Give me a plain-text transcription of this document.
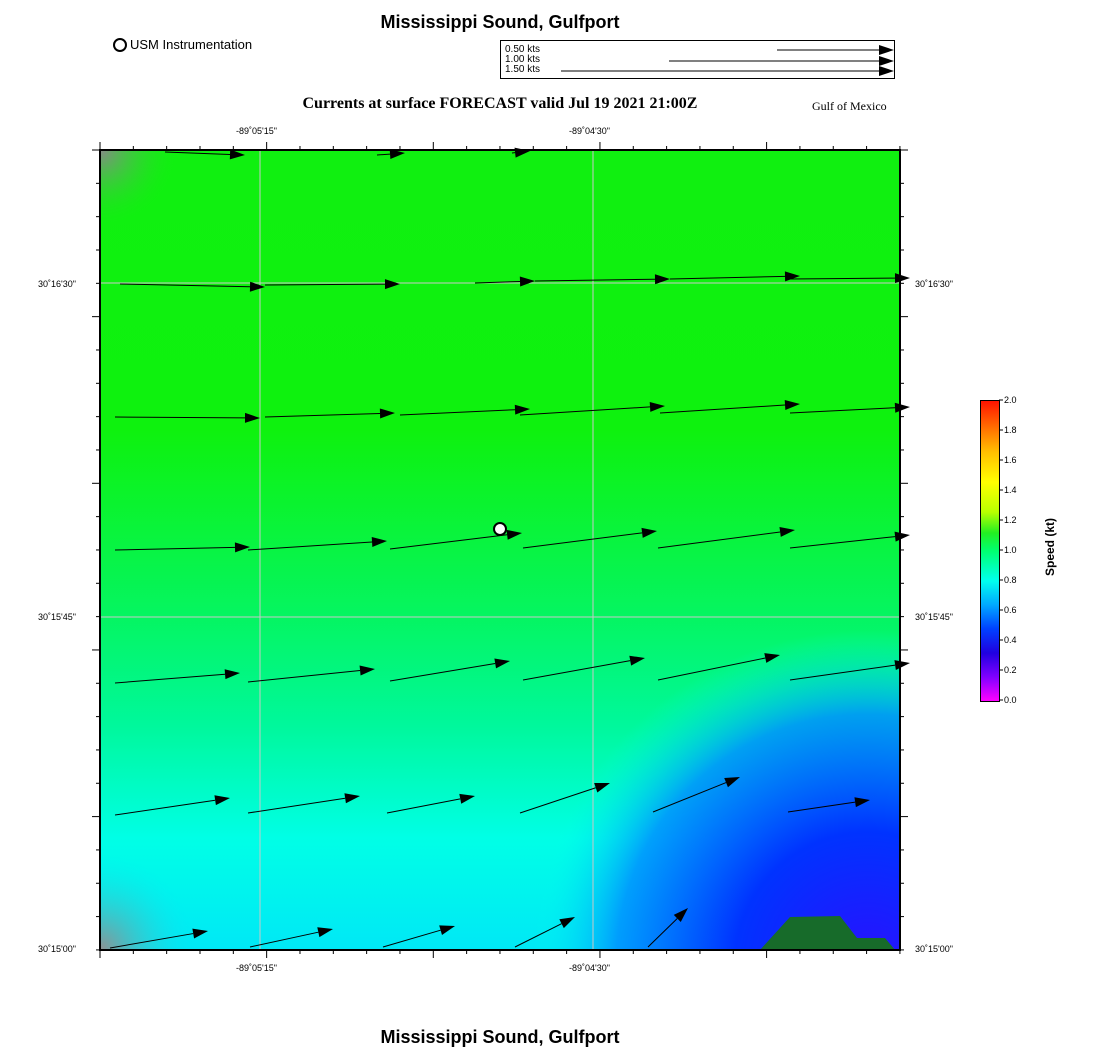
Mississippi Sound, Gulfport
USM Instrumentation	0.50 kts
1.00 kts
1.50 kts
Currents at surface FORECAST valid Jul 19 2021 21:00Z	Gulf of Mexico
-89˚05'15"	-89˚04'30"
-89˚05'15"	-89˚04'30"
30˚16'30"
30˚15'45"
30˚15'00"
30˚16'30"
30˚15'45"
30˚15'00"
2.0
1.8
1.6
1.4
1.2
1.0
0.8
0.6
0.4
0.2
0.0
Speed (kt)
Mississippi Sound, Gulfport
